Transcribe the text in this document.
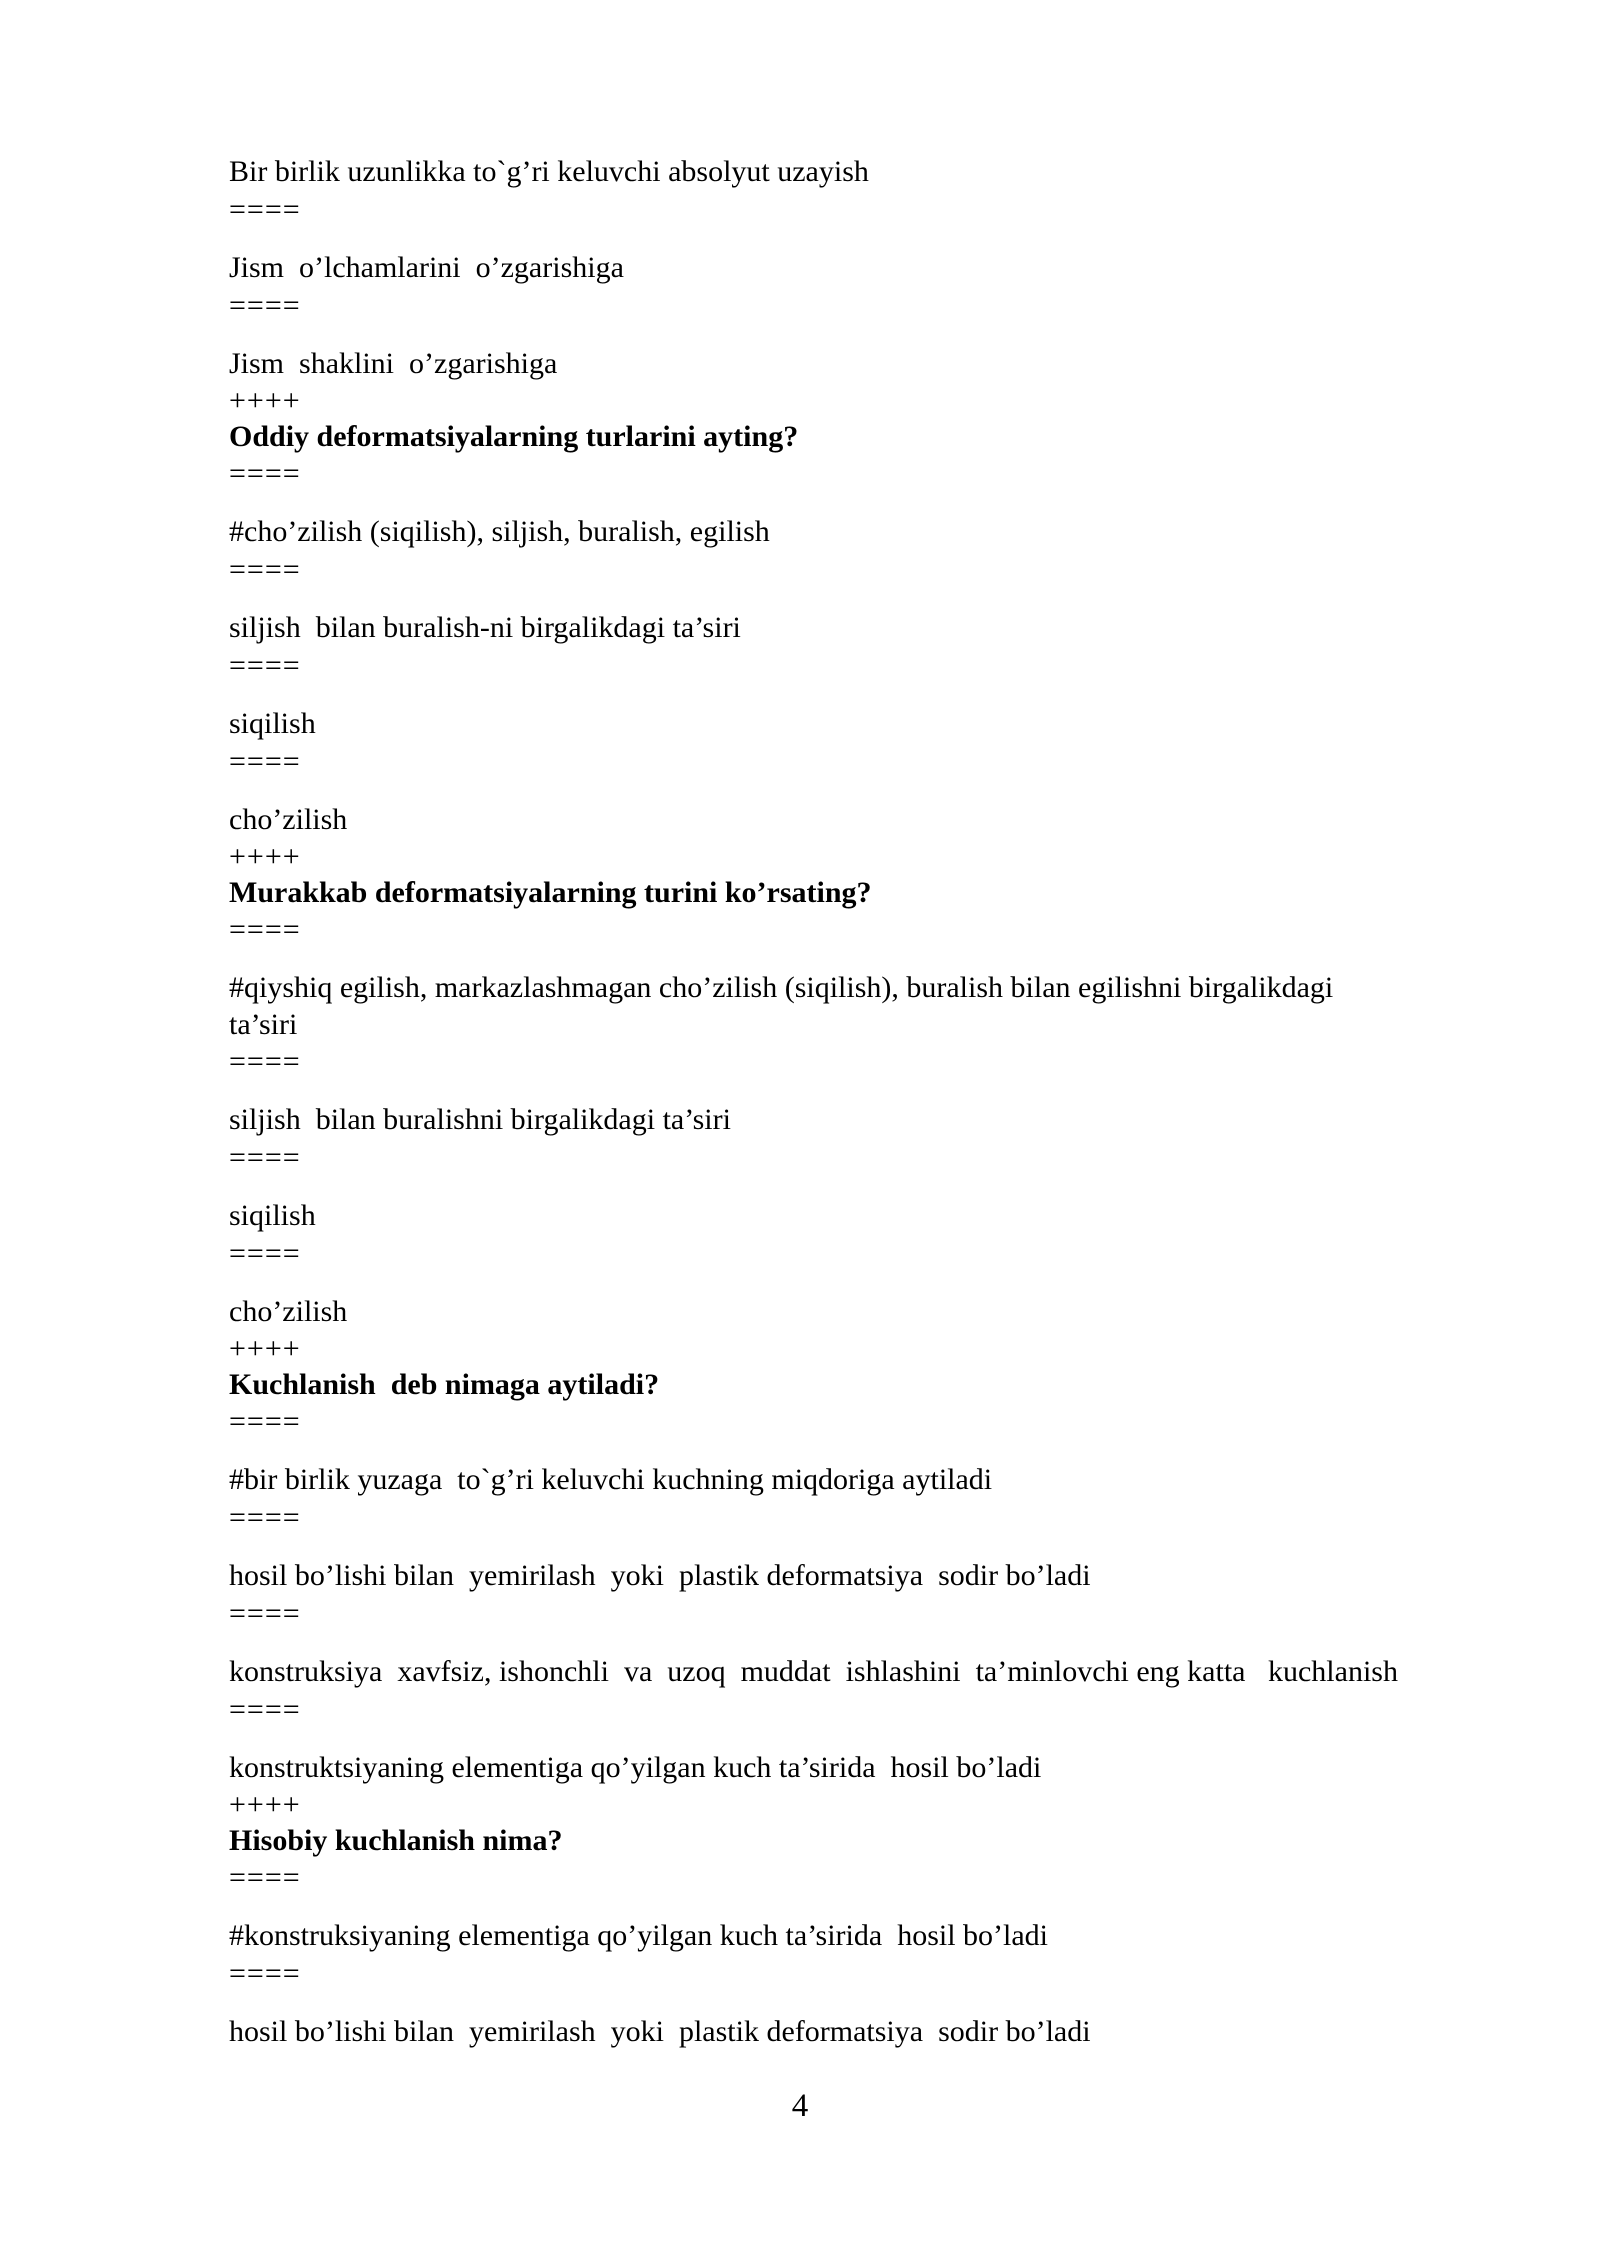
Bir birlik uzunlikka to`g’ri keluvchi absolyut uzayish

====

Jism  o’lchamlarini  o’zgarishiga

====

Jism  shaklini  o’zgarishiga

++++

Oddiy deformatsiyalarning turlarini ayting?

====

#cho’zilish (siqilish), siljish, buralish, egilish

====

siljish  bilan buralish-ni birgalikdagi ta’siri

====

siqilish

====

cho’zilish

++++

Murakkab deformatsiyalarning turini ko’rsating?

====

#qiyshiq egilish, markazlashmagan cho’zilish (siqilish), buralish bilan egilishni birgalikdagi

ta’siri

====

siljish  bilan buralishni birgalikdagi ta’siri

====

siqilish

====

cho’zilish

++++

Kuchlanish  deb nimaga aytiladi?

====

#bir birlik yuzaga  to`g’ri keluvchi kuchning miqdoriga aytiladi

====

hosil bo’lishi bilan  yemirilash  yoki  plastik deformatsiya  sodir bo’ladi

====

konstruksiya  xavfsiz, ishonchli  va  uzoq  muddat  ishlashini  ta’minlovchi eng katta   kuchlanish

====

konstruktsiyaning elementiga qo’yilgan kuch ta’sirida  hosil bo’ladi

++++

Hisobiy kuchlanish nima?

====

#konstruksiyaning elementiga qo’yilgan kuch ta’sirida  hosil bo’ladi

====

hosil bo’lishi bilan  yemirilash  yoki  plastik deformatsiya  sodir bo’ladi

4
